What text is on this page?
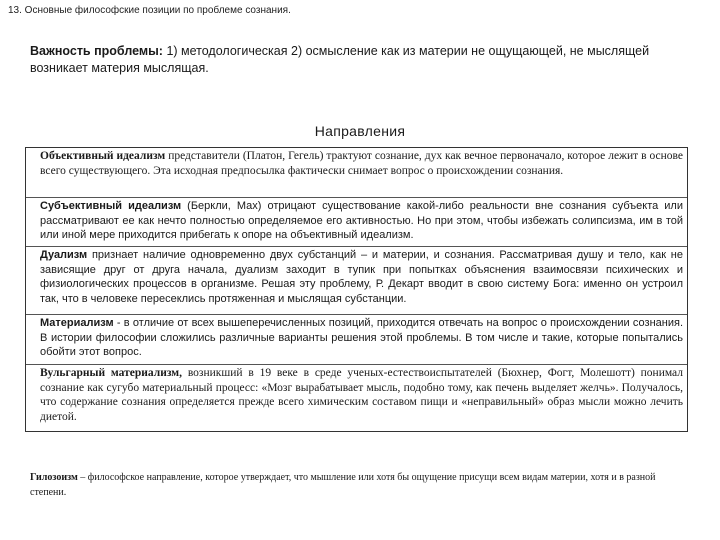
13. Основные философские позиции по проблеме сознания.
Важность проблемы: 1) методологическая 2) осмысление как из материи не ощущающей, не мыслящей возникает материя мыслящая.
Направления
Объективный идеализм представители (Платон, Гегель) трактуют сознание, дух как вечное первоначало, которое лежит в основе всего существующего. Эта исходная предпосылка фактически снимает вопрос о происхождении сознания.
Субъективный идеализм (Беркли, Мах) отрицают существование какой-либо реальности вне сознания субъекта или рассматривают ее как нечто полностью определяемое его активностью. Но при этом, чтобы избежать солипсизма, им в той или иной мере приходится прибегать к опоре на объективный идеализм.
Дуализм признает наличие одновременно двух субстанций – и материи, и сознания. Рассматривая душу и тело, как не зависящие друг от друга начала, дуализм заходит в тупик при попытках объяснения взаимосвязи психических и физиологических процессов в организме. Решая эту проблему, Р. Декарт вводит в свою систему Бога: именно он устроил так, что в человеке пересеклись протяженная и мыслящая субстанции.
Материализм - в отличие от всех вышеперечисленных позиций, приходится отвечать на вопрос о происхождении сознания. В истории философии сложились различные варианты решения этой проблемы. В том числе и такие, которые попытались обойти этот вопрос.
Вульгарный материализм, возникший в 19 веке в среде ученых-естествоиспытателей (Бюхнер, Фогт, Молешотт) понимал сознание как сугубо материальный процесс: «Мозг вырабатывает мысль, подобно тому, как печень выделяет желчь». Получалось, что содержание сознания определяется прежде всего химическим составом пищи и «неправильный» образ мысли можно лечить диетой.
Гилозоизм – философское направление, которое утверждает, что мышление или хотя бы ощущение присущи всем видам материи, хотя и в разной степени.
